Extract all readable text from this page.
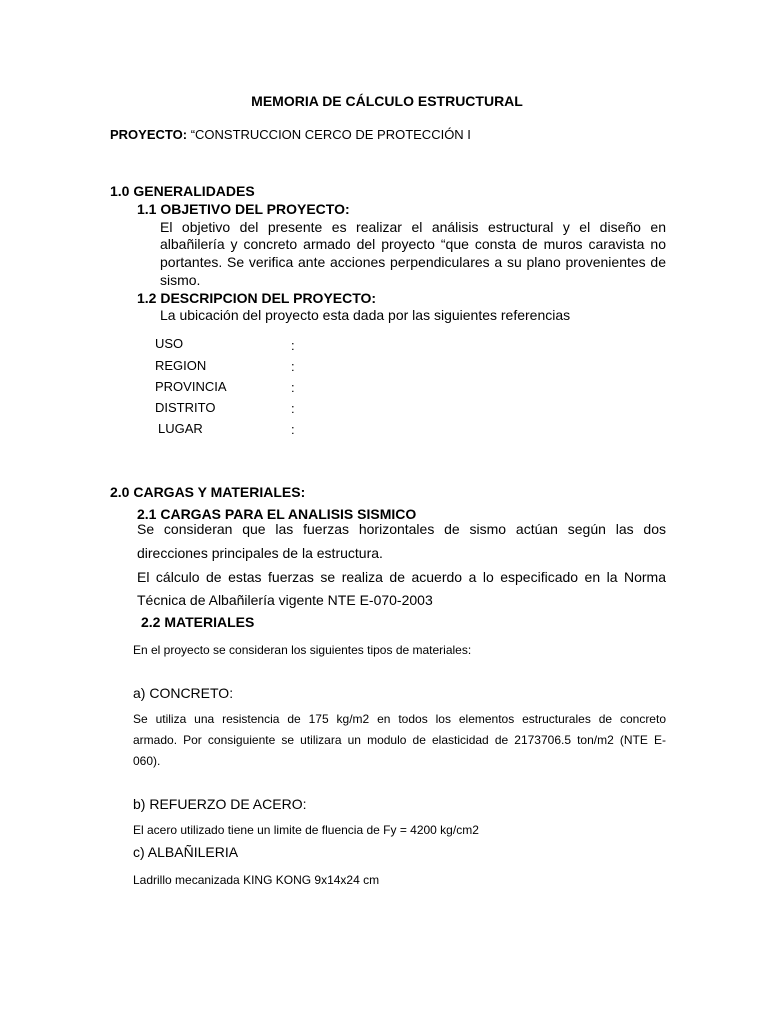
MEMORIA DE CÁLCULO ESTRUCTURAL
PROYECTO: “CONSTRUCCION CERCO DE PROTECCIÓN I
1.0 GENERALIDADES
1.1 OBJETIVO DEL PROYECTO:
El objetivo del presente es realizar el análisis estructural y el diseño en
albañilería y concreto armado del proyecto “que consta de muros caravista no
portantes. Se verifica ante acciones perpendiculares a su plano provenientes de
sismo.
1.2 DESCRIPCION DEL PROYECTO:
La ubicación del proyecto esta dada por las siguientes referencias
USO	:
REGION	:
PROVINCIA	:
DISTRITO	:
LUGAR	:
2.0 CARGAS Y MATERIALES:
2.1 CARGAS PARA EL ANALISIS SISMICO
Se consideran que las fuerzas horizontales de sismo actúan según las dos
direcciones principales de la estructura.
El cálculo de estas fuerzas se realiza de acuerdo a lo especificado en la Norma
Técnica de Albañilería vigente NTE E-070-2003
2.2 MATERIALES
En el proyecto se consideran los siguientes tipos de materiales:
a) CONCRETO:
Se utiliza una resistencia de 175 kg/m2 en todos los elementos estructurales de concreto
armado. Por consiguiente se utilizara un modulo de elasticidad de 2173706.5 ton/m2 (NTE E-
060).
b) REFUERZO DE ACERO:
El acero utilizado tiene un limite de fluencia de Fy = 4200 kg/cm2
c) ALBAÑILERIA
Ladrillo mecanizada KING KONG 9x14x24 cm
